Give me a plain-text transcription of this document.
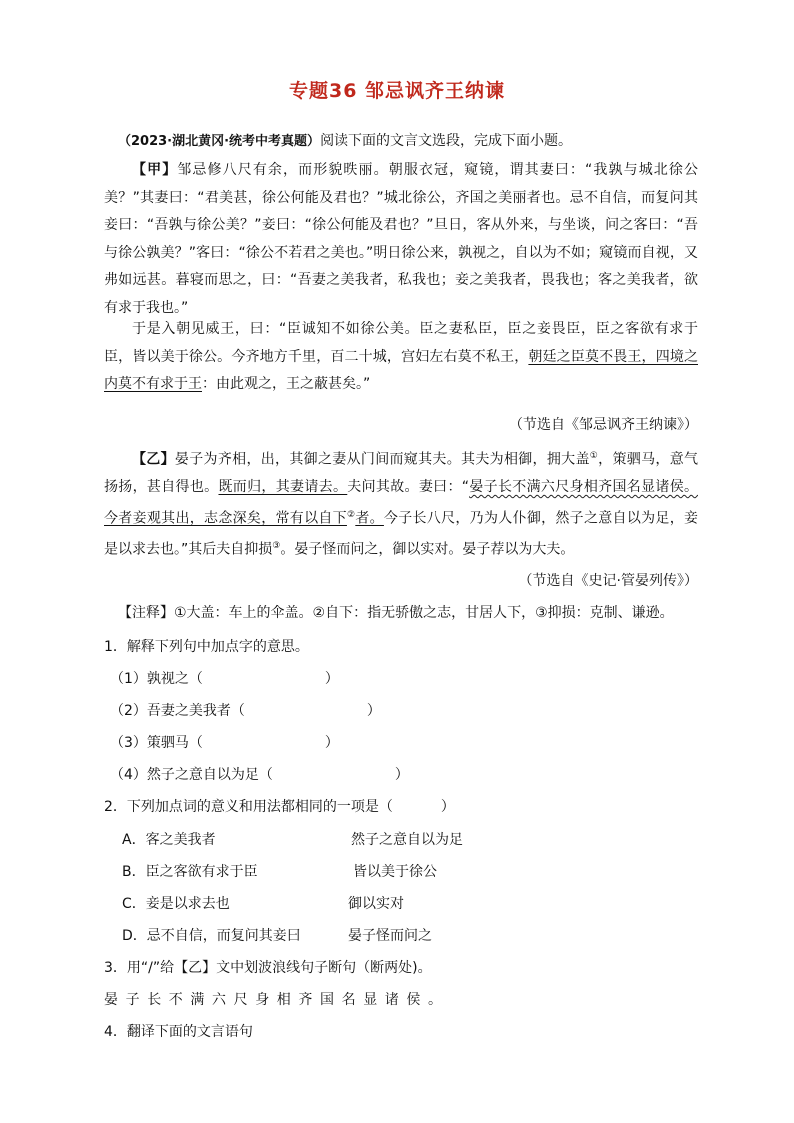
专题36 邹忌讽齐王纳谏
（2023·湖北黄冈·统考中考真题）阅读下面的文言文选段，完成下面小题。
【甲】邹忌修八尺有余，而形貌昳丽。朝服衣冠，窥镜，谓其妻曰：“我孰与城北徐公美？”其妻曰：“君美甚，徐公何能及君也？”城北徐公，齐国之美丽者也。忌不自信，而复问其妾曰：“吾孰与徐公美？”妾曰：“徐公何能及君也？”旦日，客从外来，与坐谈，问之客曰：“吾与徐公孰美？”客曰：“徐公不若君之美也。”明日徐公来，孰视之，自以为不如；窥镜而自视，又弗如远甚。暮寝而思之，曰：“吾妻之美我者，私我也；妾之美我者，畏我也；客之美我者，欲有求于我也。”
于是入朝见威王，曰：“臣诚知不如徐公美。臣之妻私臣，臣之妾畏臣，臣之客欲有求于臣，皆以美于徐公。今齐地方千里，百二十城，宫妇左右莫不私王，朝廷之臣莫不畏王，四境之内莫不有求于王：由此观之，王之蔽甚矣。”
（节选自《邹忌讽齐王纳谏》）
【乙】晏子为齐相，出，其御之妻从门间而窥其夫。其夫为相御，拥大盖①，策驷马，意气扬扬，甚自得也。既而归，其妻请去。夫问其故。妻曰：“晏子长不满六尺身相齐国名显诸侯。今者妾观其出，志念深矣，常有以自下②者。今子长八尺，乃为人仆御，然子之意自以为足，妾是以求去也。”其后夫自抑损③。晏子怪而问之，御以实对。晏子荐以为大夫。
（节选自《史记·管晏列传》）
【注释】①大盖：车上的伞盖。②自下：指无骄傲之志，甘居人下，③抑损：克制、谦逊。
1．解释下列句中加点字的意思。
（1）孰视之（	）
（2）吾妻之美我者（	）
（3）策驷马（	）
（4）然子之意自以为足（	）
2．下列加点词的意义和用法都相同的一项是（	）
A．客之美我者	然子之意自以为足
B．臣之客欲有求于臣	皆以美于徐公
C．妾是以求去也	御以实对
D．忌不自信，而复问其妾曰	晏子怪而问之
3．用“/”给【乙】文中划波浪线句子断句（断两处)。
晏子长不满六尺身相齐国名显诸侯。
4．翻译下面的文言语句
